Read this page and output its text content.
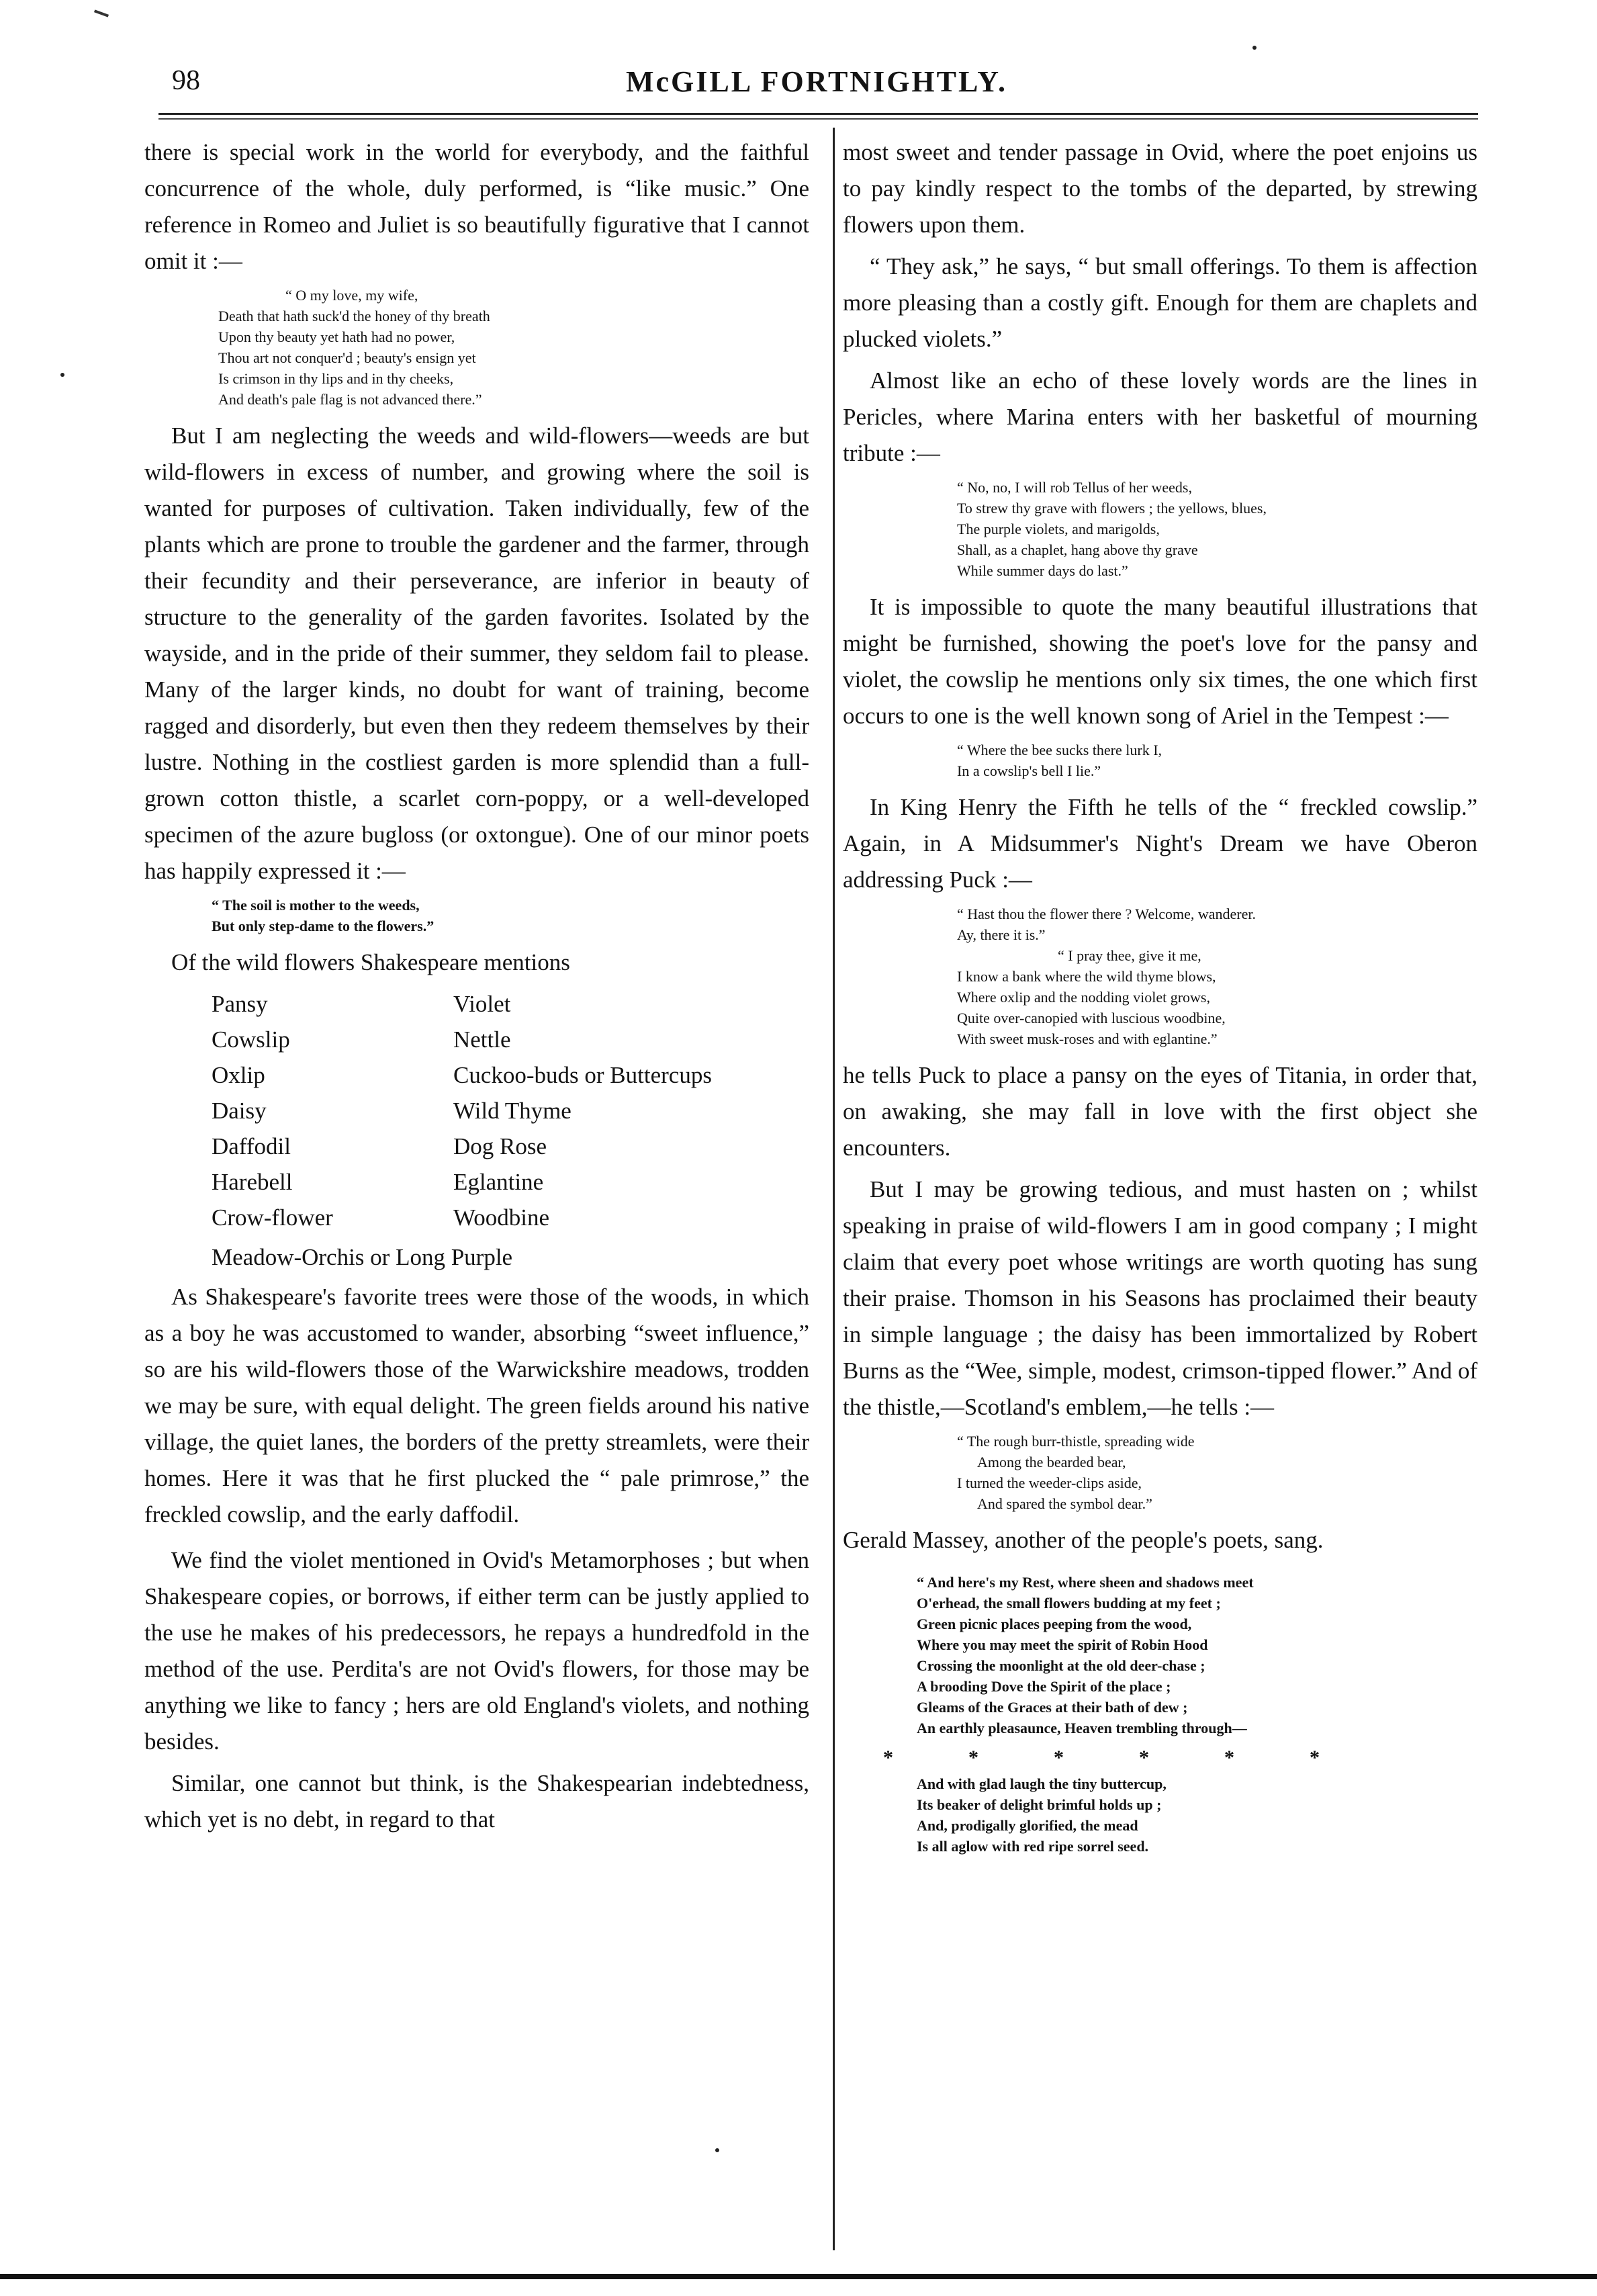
98	McGILL FORTNIGHTLY.

there is special work in the world for everybody, and the faithful concurrence of the whole, duly performed, is “like music.” One reference in Romeo and Juliet is so beautifully figurative that I cannot omit it :—

“ O my love, my wife,
Death that hath suck'd the honey of thy breath
Upon thy beauty yet hath had no power,
Thou art not conquer'd ; beauty's ensign yet
Is crimson in thy lips and in thy cheeks,
And death's pale flag is not advanced there.”

But I am neglecting the weeds and wild-flowers—weeds are but wild-flowers in excess of number, and growing where the soil is wanted for purposes of cultivation. Taken individually, few of the plants which are prone to trouble the gardener and the farmer, through their fecundity and their perseverance, are inferior in beauty of structure to the generality of the garden favorites. Isolated by the wayside, and in the pride of their summer, they seldom fail to please. Many of the larger kinds, no doubt for want of training, become ragged and disorderly, but even then they redeem themselves by their lustre. Nothing in the costliest garden is more splendid than a full-grown cotton thistle, a scarlet corn-poppy, or a well-developed specimen of the azure bugloss (or oxtongue). One of our minor poets has happily expressed it :—

“ The soil is mother to the weeds,
But only step-dame to the flowers.”

Of the wild flowers Shakespeare mentions

Pansy	Violet
Cowslip	Nettle
Oxlip	Cuckoo-buds or Buttercups
Daisy	Wild Thyme
Daffodil	Dog Rose
Harebell	Eglantine
Crow-flower	Woodbine
Meadow-Orchis or Long Purple

As Shakespeare's favorite trees were those of the woods, in which as a boy he was accustomed to wander, absorbing “sweet influence,” so are his wild-flowers those of the Warwickshire meadows, trodden we may be sure, with equal delight. The green fields around his native village, the quiet lanes, the borders of the pretty streamlets, were their homes. Here it was that he first plucked the “ pale primrose,” the freckled cowslip, and the early daffodil.

We find the violet mentioned in Ovid's Metamorphoses ; but when Shakespeare copies, or borrows, if either term can be justly applied to the use he makes of his predecessors, he repays a hundredfold in the method of the use. Perdita's are not Ovid's flowers, for those may be anything we like to fancy ; hers are old England's violets, and nothing besides.

Similar, one cannot but think, is the Shakespearian indebtedness, which yet is no debt, in regard to that

most sweet and tender passage in Ovid, where the poet enjoins us to pay kindly respect to the tombs of the departed, by strewing flowers upon them.

“ They ask,” he says, “ but small offerings. To them is affection more pleasing than a costly gift. Enough for them are chaplets and plucked violets.”

Almost like an echo of these lovely words are the lines in Pericles, where Marina enters with her basketful of mourning tribute :—

“ No, no, I will rob Tellus of her weeds,
To strew thy grave with flowers ; the yellows, blues,
The purple violets, and marigolds,
Shall, as a chaplet, hang above thy grave
While summer days do last.”

It is impossible to quote the many beautiful illustrations that might be furnished, showing the poet's love for the pansy and violet, the cowslip he mentions only six times, the one which first occurs to one is the well known song of Ariel in the Tempest :—

“ Where the bee sucks there lurk I,
In a cowslip's bell I lie.”

In King Henry the Fifth he tells of the “ freckled cowslip.” Again, in A Midsummer's Night's Dream we have Oberon addressing Puck :—

“ Hast thou the flower there ? Welcome, wanderer.
Ay, there it is.”
“ I pray thee, give it me,
I know a bank where the wild thyme blows,
Where oxlip and the nodding violet grows,
Quite over-canopied with luscious woodbine,
With sweet musk-roses and with eglantine.”

he tells Puck to place a pansy on the eyes of Titania, in order that, on awaking, she may fall in love with the first object she encounters.

But I may be growing tedious, and must hasten on ; whilst speaking in praise of wild-flowers I am in good company ; I might claim that every poet whose writings are worth quoting has sung their praise. Thomson in his Seasons has proclaimed their beauty in simple language ; the daisy has been immortalized by Robert Burns as the “Wee, simple, modest, crimson-tipped flower.” And of the thistle,—Scotland's emblem,—he tells :—

“ The rough burr-thistle, spreading wide
Among the bearded bear,
I turned the weeder-clips aside,
And spared the symbol dear.”

Gerald Massey, another of the people's poets, sang.

“ And here's my Rest, where sheen and shadows meet
O'erhead, the small flowers budding at my feet ;
Green picnic places peeping from the wood,
Where you may meet the spirit of Robin Hood
Crossing the moonlight at the old deer-chase ;
A brooding Dove the Spirit of the place ;
Gleams of the Graces at their bath of dew ;
An earthly pleasaunce, Heaven trembling through—
*	*	*	*	*	*
And with glad laugh the tiny buttercup,
Its beaker of delight brimful holds up ;
And, prodigally glorified, the mead
Is all aglow with red ripe sorrel seed.
